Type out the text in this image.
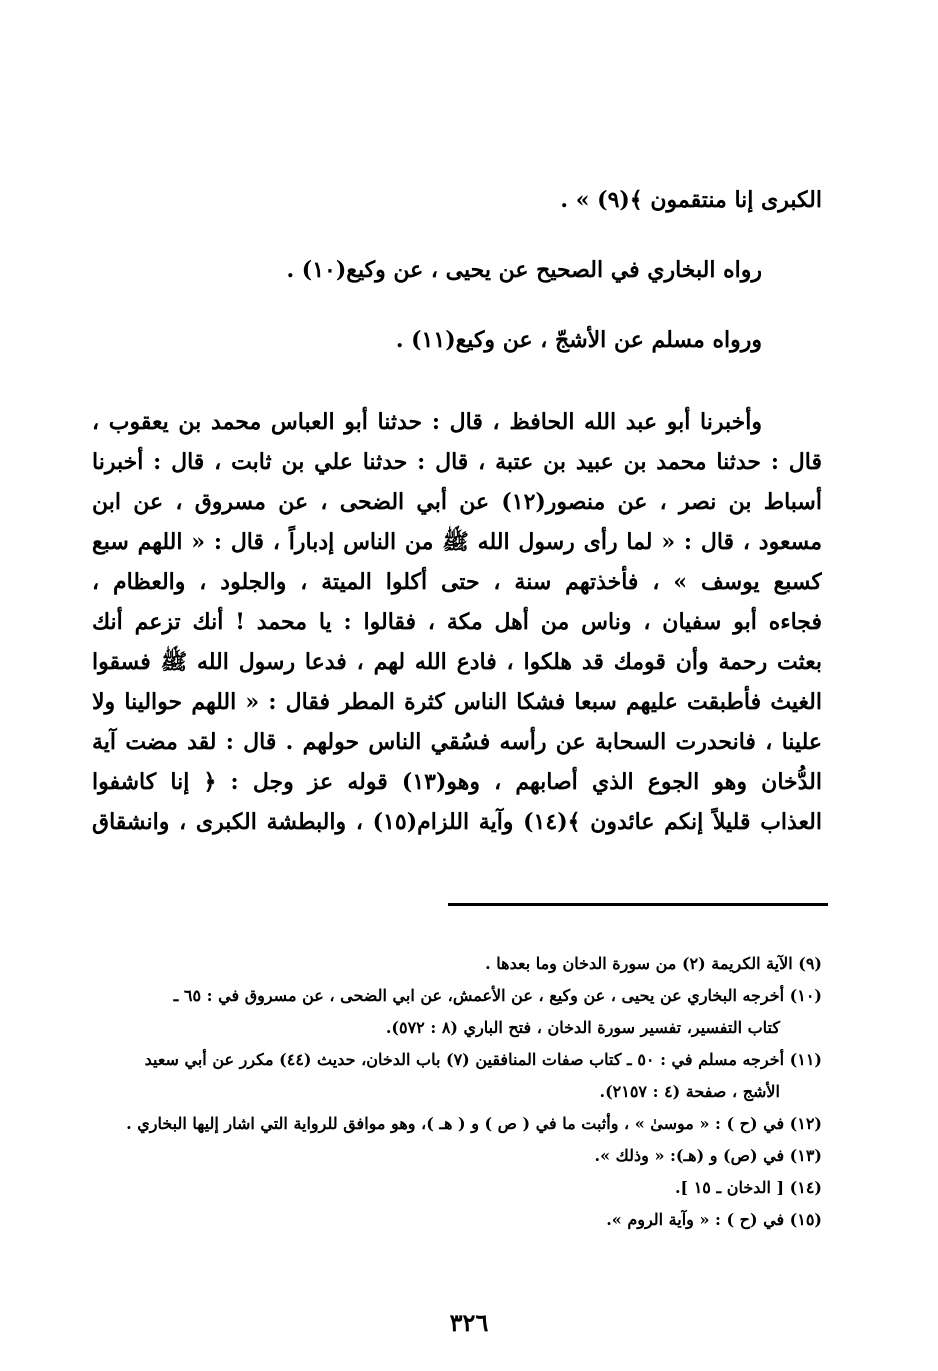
الكبرى إنا منتقمون ﴾(٩) » .

رواه البخاري في الصحيح عن يحيى ، عن وكيع(١٠) .

ورواه مسلم عن الأشجّ ، عن وكيع(١١) .

وأخبرنا أبو عبد الله الحافظ ، قال : حدثنا أبو العباس محمد بن يعقوب ،

قال : حدثنا محمد بن عبيد بن عتبة ، قال : حدثنا علي بن ثابت ، قال : أخبرنا

أسباط بن نصر ، عن منصور(١٢) عن أبي الضحى ، عن مسروق ، عن ابن

مسعود ، قال : « لما رأى رسول الله ﷺ من الناس إدباراً ، قال : « اللهم سبع

كسبع يوسف » ، فأخذتهم سنة ، حتى أكلوا الميتة ، والجلود ، والعظام ،

فجاءه أبو سفيان ، وناس من أهل مكة ، فقالوا : يا محمد ! أنك تزعم أنك

بعثت رحمة وأن قومك قد هلكوا ، فادع الله لهم ، فدعا رسول الله ﷺ فسقوا

الغيث فأطبقت عليهم سبعا فشكا الناس كثرة المطر فقال : « اللهم حوالينا ولا

علينا ، فانحدرت السحابة عن رأسه فسُقي الناس حولهم . قال : لقد مضت آية

الدُّخان وهو الجوع الذي أصابهم ، وهو(١٣) قوله عز وجل : ﴿ إنا كاشفوا

العذاب قليلاً إنكم عائدون ﴾(١٤) وآية اللزام(١٥) ، والبطشة الكبرى ، وانشقاق

(٩) الآية الكريمة (٢) من سورة الدخان وما بعدها .

(١٠) أخرجه البخاري عن يحيى ، عن وكيع ، عن الأعمش، عن ابي الضحى ، عن مسروق في : ٦٥ ـ

كتاب التفسير، تفسير سورة الدخان ، فتح الباري (٨ : ٥٧٢).

(١١) أخرجه مسلم في : ٥٠ ـ كتاب صفات المنافقين (٧) باب الدخان، حديث (٤٤) مكرر عن أبي سعيد

الأشج ، صفحة (٤ : ٢١٥٧).

(١٢) في (ح ) : « موسىٰ » ، وأثبت ما في ( ص ) و ( هـ )، وهو موافق للرواية التي اشار إليها البخاري .

(١٣) في (ص) و (هـ): « وذلك ».

(١٤) [ الدخان ـ ١٥ ].

(١٥) في (ح ) : « وآية الروم ».

٣٢٦
